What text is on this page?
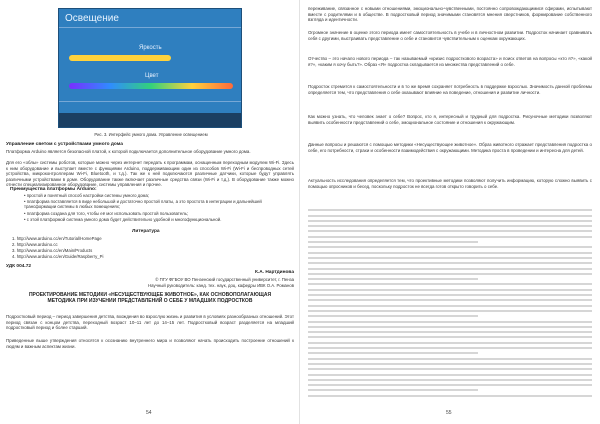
Освещение
Яркость
Цвет
Рис. 3. Интерфейс умного дома. Управление освещением
Управление светом с устройствами умного дома
Платформа Arduino является безопасной платой, к которой подключается дополнительное оборудование умного дома.
Для его «облы» системы роботов, которые можно через интернет передать к программам, оснащенным переходным модулем Wi-Fi. Здесь к ним оборудование и выступает вместе с функциями Arduino, поддерживающим один из способов Wi-Fi (Wi-Fi и беспроводных сетей устройства, микроконтроллерам Wi-Fi, Bluetooth, и т.д.). Так же к ней подключаются различные датчики, которые будут управлять различными устройствами в доме. Оборудование также включает различные средства связи (Wi-Fi и т.д.). В оборудование также можно отнести специализированное оборудование, системы управления и прочее.
Преимущества платформы Arduino:
• простой и понятный способ настройки системы умного дома;
• платформа поставляется в виде небольшой и достаточно простой платы, а это простота в интеграции и дальнейшей трансформации системы в любых помещениях;
• платформа создана для того, чтобы её мог использовать простой пользователь;
• с этой платформой система умного дома будет действительно удобной и многофункциональной.
Литература
1. http://www.arduino.cc/en/Tutorial/HomePage
2. http://www.arduino.cc
3. http://www.arduino.cc/en/Main/Products
4. http://www.arduino.cc/en/Guide/Raspberry_Pi
УДК 004.72
К.А. Нартдинова
© ПГУ ФГБОУ ВО Пензенский государственный университет, г. Пенза
Научный руководитель: канд. тех. наук, доц. кафедры ИВК О.А. Романов
ПРОЕКТИРОВАНИЕ МЕТОДИКИ «НЕСУЩЕСТВУЮЩЕЕ ЖИВОТНОЕ», КАК ОСНОВОПОЛАГАЮЩАЯ МЕТОДИКА ПРИ ИЗУЧЕНИИ ПРЕДСТАВЛЕНИЙ О СЕБЕ У МЛАДШИХ ПОДРОСТКОВ
Подростковый период – период завершения детства, вхождения во взрослую жизнь и развития в условиях разнообразных отношений. Этот период связан с концом детства, переходный возраст 10–11 лет до 14–15 лет. Подростковый возраст разделяется на младший подростковый период и более старший.
Приведенные выше утверждения относятся к осознанию внутреннего мира и позволяют начать происходить построение отношений к людям и важным аспектам жизни.
54
переживание, связанное с новыми отношениями, эмоционально-чувственными, постоянно сопровождающимися сферами, испытывают вместе с родителями и в обществе. В подростковый период значимыми становятся мнения сверстников, формирование собственного взгляда и идентичности.
Огромное значение в оценке этого периода имеет самостоятельность в учебе и в личностном развитии. Подросток начинает сравнивать себя с другими, выстраивать представление о себе и становится чувствительным к оценкам окружающих.
Отчество – это начало нового периода – так называемый «кризис подросткового возраста» и поиск ответов на вопросы «кто я?», «какой я?», «каким я хочу быть?». Образ «Я» подростка складывается из множества представлений о себе.
Подросток стремится к самостоятельности и в то же время сохраняет потребность в поддержке взрослых. Значимость данной проблемы определяется тем, что представления о себе оказывают влияние на поведение, отношения и развитие личности.
Как можно узнать, что человек знает о себе? Вопрос, кто я, интересный и трудный для подростка. Рисуночные методики позволяют выявить особенности представлений о себе, эмоциональное состояние и отношения к окружающим.
Данные вопросы и решаются с помощью методики «Несуществующее животное». Образ животного отражает представления подростка о себе, его потребности, страхи и особенности взаимодействия с окружающими. Методика проста в проведении и интересна для детей.
Актуальность исследования определяется тем, что проективные методики позволяют получить информацию, которую сложно выявить с помощью опросников и бесед, поскольку подросток не всегда готов открыто говорить о себе.
55
